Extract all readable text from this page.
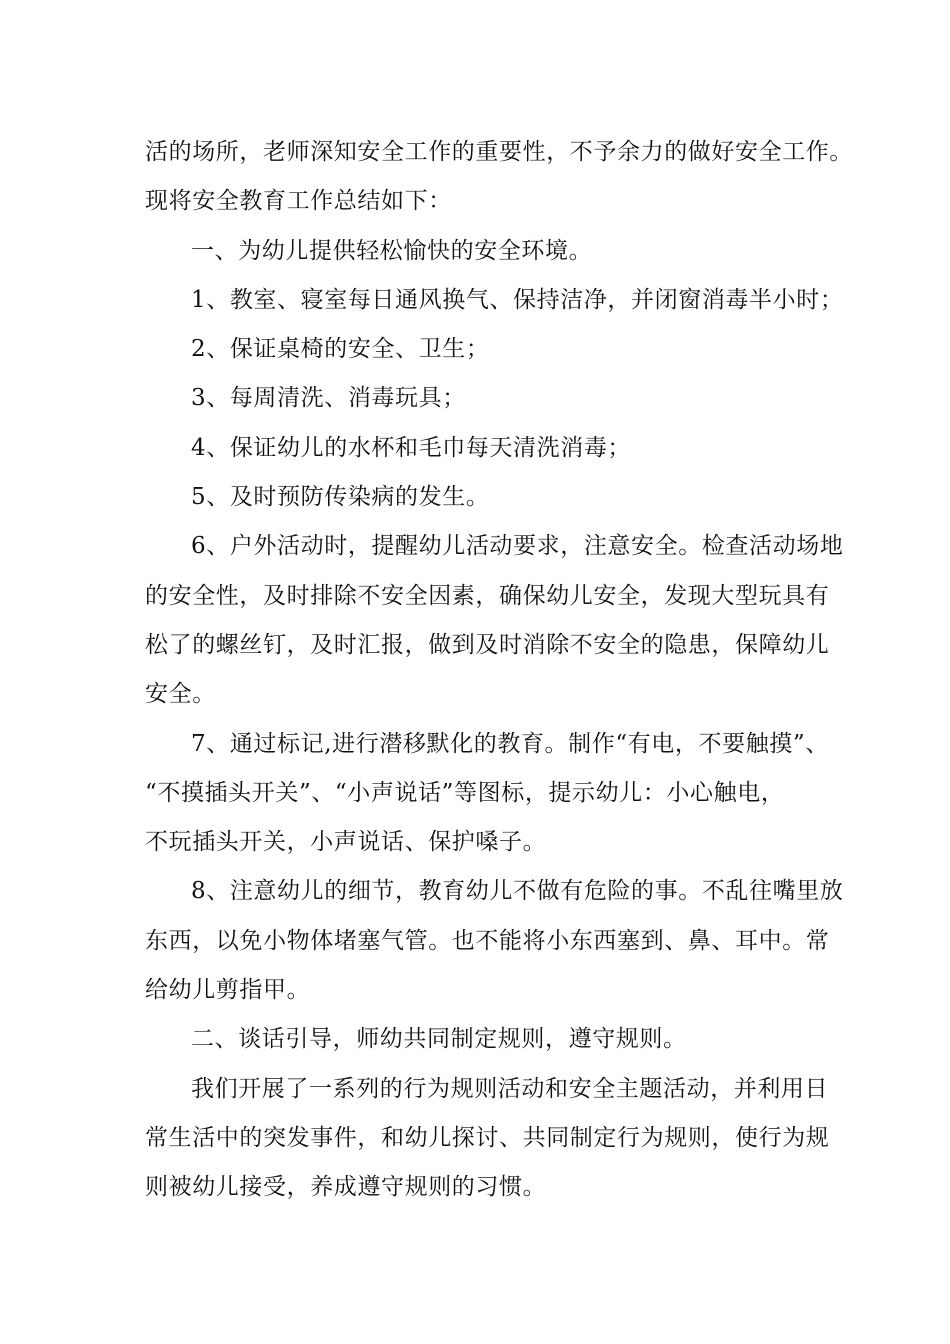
活的场所，老师深知安全工作的重要性，不予余力的做好安全工作。
现将安全教育工作总结如下：
一、为幼儿提供轻松愉快的安全环境。
1、教室、寝室每日通风换气、保持洁净，并闭窗消毒半小时；
2、保证桌椅的安全、卫生；
3、每周清洗、消毒玩具；
4、保证幼儿的水杯和毛巾每天清洗消毒；
5、及时预防传染病的发生。
6、户外活动时，提醒幼儿活动要求，注意安全。检查活动场地
的安全性，及时排除不安全因素，确保幼儿安全，发现大型玩具有
松了的螺丝钉，及时汇报，做到及时消除不安全的隐患，保障幼儿
安全。
7、通过标记,进行潜移默化的教育。制作“有电，不要触摸”、
“不摸插头开关”、“小声说话”等图标，提示幼儿：小心触电，
不玩插头开关，小声说话、保护嗓子。
8、注意幼儿的细节，教育幼儿不做有危险的事。不乱往嘴里放
东西，以免小物体堵塞气管。也不能将小东西塞到、鼻、耳中。常
给幼儿剪指甲。
二、谈话引导，师幼共同制定规则，遵守规则。
我们开展了一系列的行为规则活动和安全主题活动，并利用日
常生活中的突发事件，和幼儿探讨、共同制定行为规则，使行为规
则被幼儿接受，养成遵守规则的习惯。
